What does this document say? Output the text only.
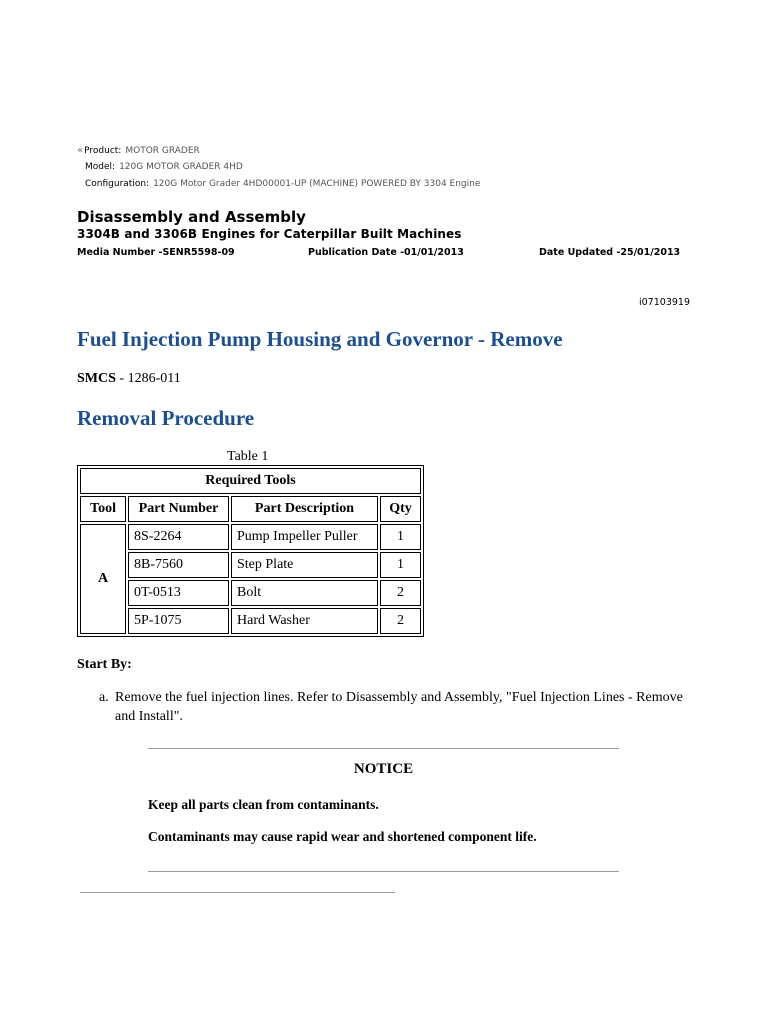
«Product: MOTOR GRADER
Model: 120G MOTOR GRADER 4HD
Configuration: 120G Motor Grader 4HD00001-UP (MACHINE) POWERED BY 3304 Engine
Disassembly and Assembly
3304B and 3306B Engines for Caterpillar Built Machines
Media Number -SENR5598-09	Publication Date -01/01/2013	Date Updated -25/01/2013
i07103919
Fuel Injection Pump Housing and Governor - Remove
SMCS - 1286-011
Removal Procedure
Table 1
Required Tools			
Tool	Part Number	Part Description	Qty
A	8S-2264	Pump Impeller Puller	1
	8B-7560	Step Plate	1
	0T-0513	Bolt	2
	5P-1075	Hard Washer	2
Start By:
a. Remove the fuel injection lines. Refer to Disassembly and Assembly, "Fuel Injection Lines - Remove and Install".
NOTICE
Keep all parts clean from contaminants.
Contaminants may cause rapid wear and shortened component life.
